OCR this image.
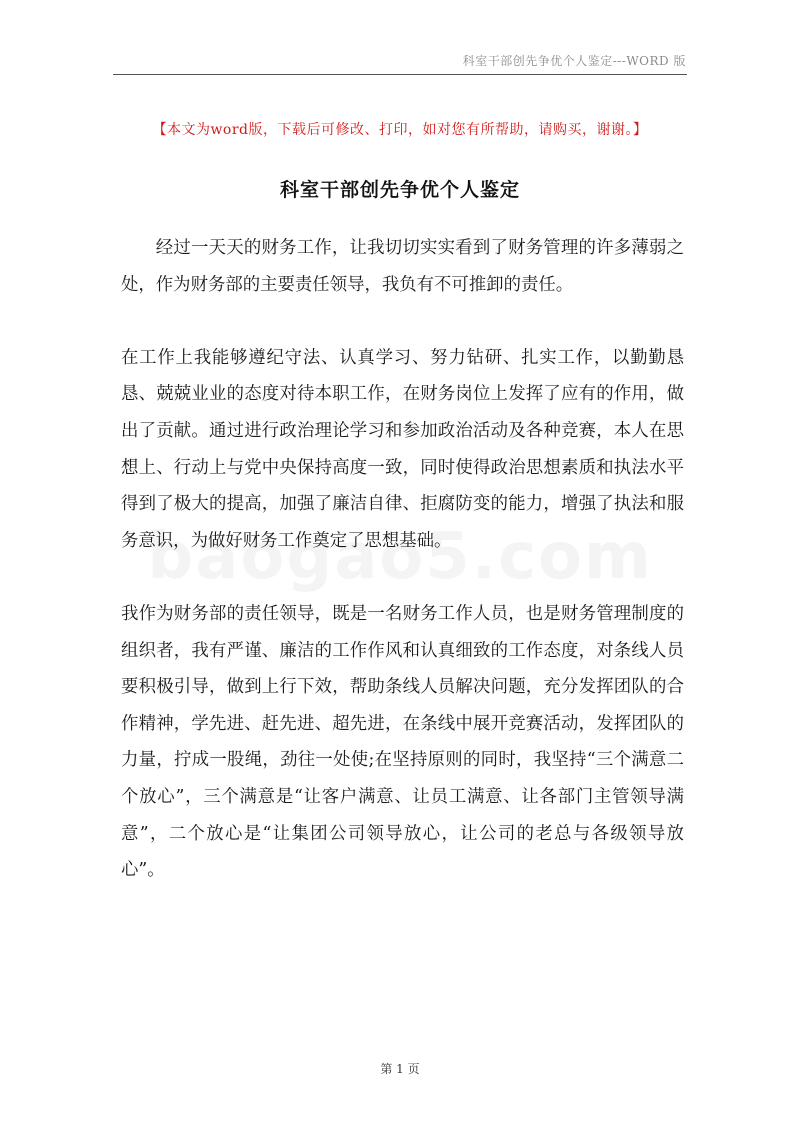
科室干部创先争优个人鉴定---WORD 版
【本文为word版，下载后可修改、打印，如对您有所帮助，请购买，谢谢。】
科室干部创先争优个人鉴定

经过一天天的财务工作，让我切切实实看到了财务管理的许多薄弱之处，作为财务部的主要责任领导，我负有不可推卸的责任。

在工作上我能够遵纪守法、认真学习、努力钻研、扎实工作，以勤勤恳恳、兢兢业业的态度对待本职工作，在财务岗位上发挥了应有的作用，做出了贡献。通过进行政治理论学习和参加政治活动及各种竞赛，本人在思想上、行动上与党中央保持高度一致，同时使得政治思想素质和执法水平得到了极大的提高，加强了廉洁自律、拒腐防变的能力，增强了执法和服务意识，为做好财务工作奠定了思想基础。

我作为财务部的责任领导，既是一名财务工作人员，也是财务管理制度的组织者，我有严谨、廉洁的工作作风和认真细致的工作态度，对条线人员要积极引导，做到上行下效，帮助条线人员解决问题，充分发挥团队的合作精神，学先进、赶先进、超先进，在条线中展开竞赛活动，发挥团队的力量，拧成一股绳，劲往一处使;在坚持原则的同时，我坚持“三个满意二个放心”，三个满意是“让客户满意、让员工满意、让各部门主管领导满意”，二个放心是“让集团公司领导放心，让公司的老总与各级领导放心”。

第 1 页
